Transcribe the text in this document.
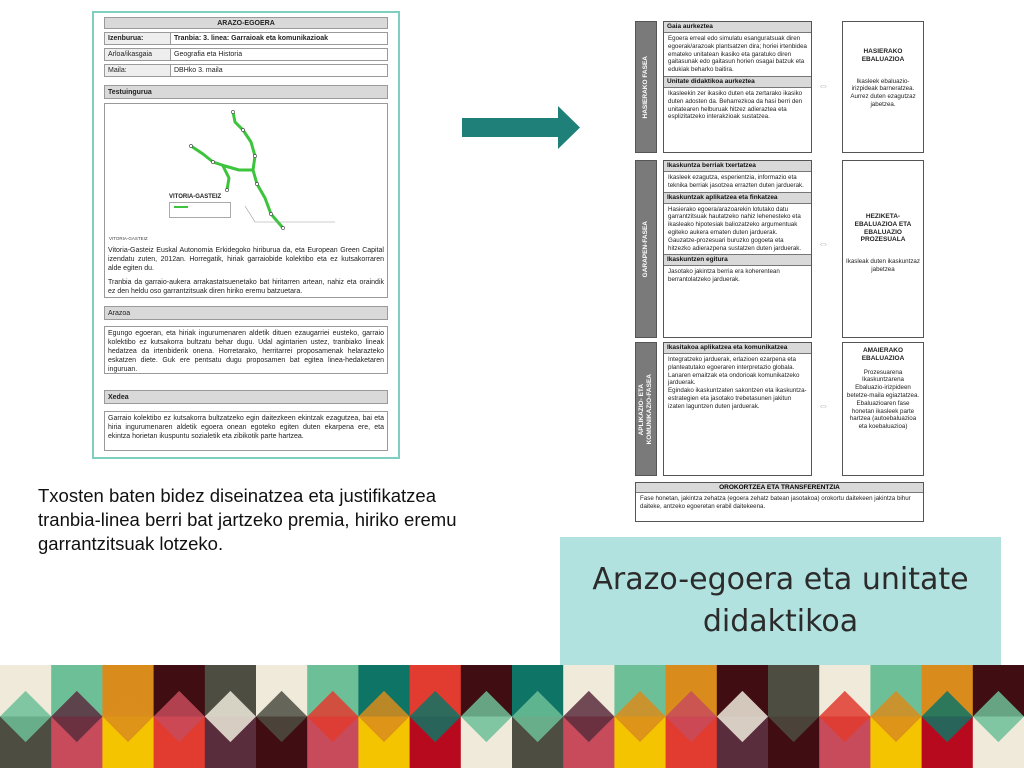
ARAZO-EGOERA
Izenburua:	Tranbia: 3. linea: Garraioak eta komunikazioak
Arloa/ikasgaia	Geografia eta Historia
Maila:	DBHko 3. maila
Testuingurua
VITORIA-GASTEIZ
VITORIA-GASTEIZ
Vitoria-Gasteiz Euskal Autonomia Erkidegoko hiriburua da, eta European Green Capital izendatu zuten, 2012an. Horregatik, hiriak garraiobide kolektibo eta ez kutsakorraren alde egiten du.
Tranbia da garraio-aukera arrakastatsuenetako bat hiritarren artean, nahiz eta oraindik ez den heldu oso garrantzitsuak diren hiriko eremu batzuetara.
Arazoa
Egungo egoeran, eta hiriak ingurumenaren aldetik dituen ezaugarriei eusteko, garraio kolektibo ez kutsakorra bultzatu behar dugu. Udal agintarien ustez, tranbiako lineak hedatzea da irtenbiderik onena. Horretarako, herritarrei proposamenak helarazteko eskatzen diete. Guk ere pentsatu dugu proposamen bat egitea linea-hedaketaren inguruan.
Xedea
Garraio kolektibo ez kutsakorra bultzatzeko egin daitezkeen ekintzak ezagutzea, bai eta hiria ingurumenaren aldetik egoera onean egoteko egiten duten ekarpena ere, eta ekintza horietan ikuspuntu sozialetik eta zibikotik parte hartzea.
HASIERAKO FASEA
GARAPEN-FASEA
APLIKAZIO- ETA
KOMUNIKAZIO-FASEA
Gaia aurkeztea
Egoera erreal edo simulatu esanguratsuak diren egoerak/arazoak plantsatzen dira; horiei irtenbidea emateko unitatean ikasiko eta garatuko diren gaitasunak edo gaitasun horien osagai batzuk eta edukiak beharko baitira.
Unitate didaktikoa aurkeztea
Ikasleekin zer ikasiko duten eta zertarako ikasiko duten adosten da. Beharrezkoa da hasi berri den unitatearen helburuak hitzez adieraztea eta esplizitatzeko interakzioak sustatzea.
Ikaskuntza berriak txertatzea
Ikasleek ezagutza, esperientzia, informazio eta teknika berriak jasotzea errazten duten jarduerak.
Ikaskuntzak aplikatzea eta finkatzea
Hasierako egoera/arazoarekin lotutako datu garrantzitsuak hautatzeko nahiz lehenesteko eta ikasleako hipotesiak baliozatzeko argumentuak egiteko aukera ematen duten jarduerak.
Gauzatze-prozesuari buruzko gogoeta eta hitzezko adierazpena sustatzen duten jarduerak.
Ikaskuntzen egitura
Jasotako jakintza berria era koherentean berrantolatzeko jarduerak.
Ikasitakoa aplikatzea eta komunikatzea
Integratzeko jarduerak, erlazioen ezarpena eta planteatutako egoeraren interpretazio globala.
Lanaren emaitzak eta ondorioak komunikatzeko jarduerak.
Egindako ikaskuntzaten sakontzen eta ikaskuntza-estrategien eta jasotako trebetasunen jakitun izaten laguntzen duten jarduerak.
⇔
⇔
⇔
HASIERAKO EBALUAZIOA
Ikasleek ebaluazio-irizpideak barneratzea.
Aurrez duten ezagutzaz jabetzea.
HEZIKETA-EBALUAZIOA ETA EBALUAZIO PROZESUALA
Ikasleak duten ikaskuntzaz jabetzea
AMAIERAKO EBALUAZIOA
Prozesuarena Ikaskuntzarena
Ebaluazio-irizpideen betetze-maila egiaztatzea.
Ebaluazioaren fase honetan ikasleek parte hartzea (autoebaluazioa eta koebaluazioa)
OROKORTZEA ETA TRANSFERENTZIA
Fase honetan, jakintza zehatza (egoera zehatz batean jasotakoa) orokortu daitekeen jakintza bihur daiteke, antzeko egoeretan erabil daitekeena.
Txosten baten bidez diseinatzea eta justifikatzea tranbia-linea berri bat jartzeko premia, hiriko eremu garrantzitsuak lotzeko.
Arazo-egoera eta unitate didaktikoa
